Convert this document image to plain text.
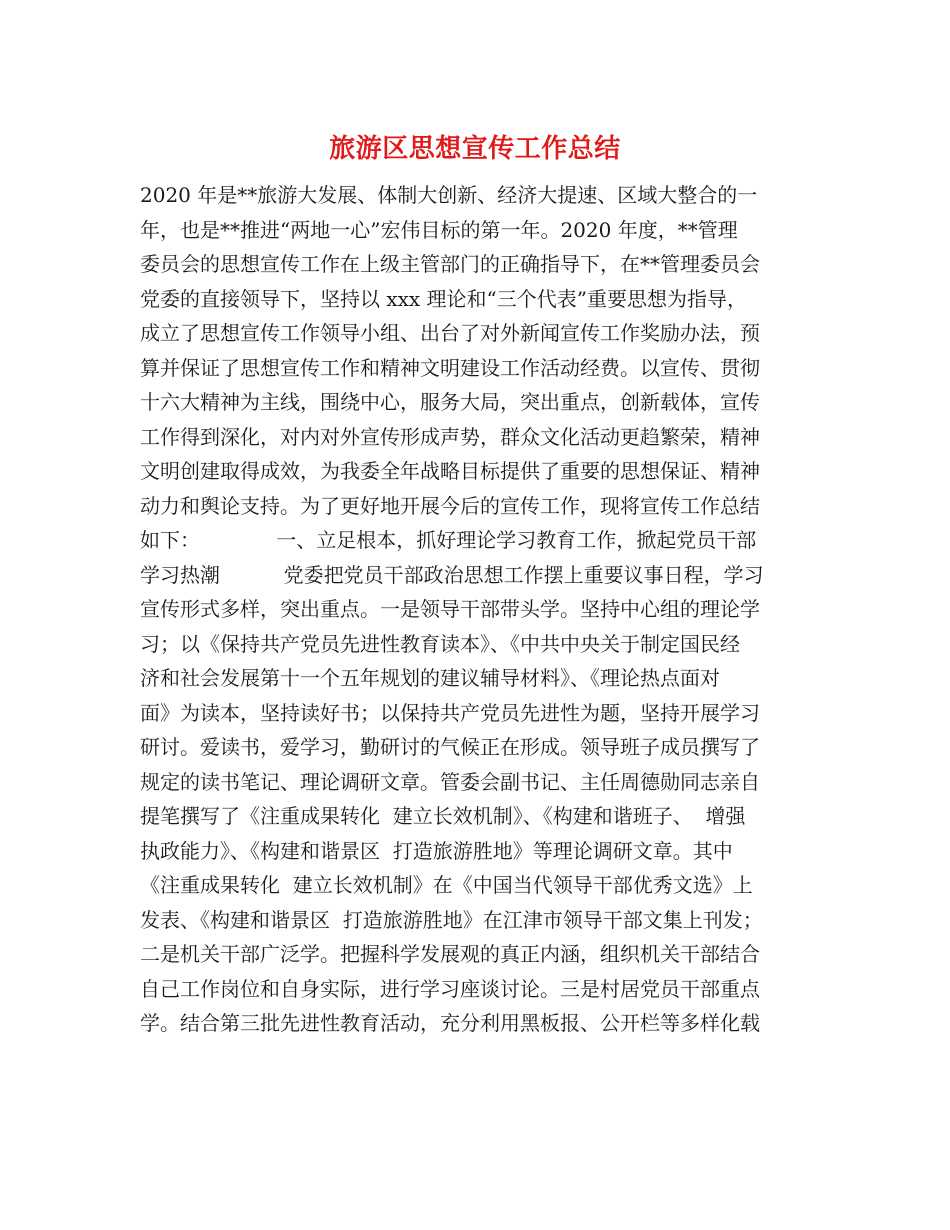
旅游区思想宣传工作总结
2020 年是**旅游大发展、体制大创新、经济大提速、区域大整合的一
年，也是**推进“两地一心”宏伟目标的第一年。2020 年度，**管理
委员会的思想宣传工作在上级主管部门的正确指导下，在**管理委员会
党委的直接领导下，坚持以 xxx 理论和“三个代表”重要思想为指导，
成立了思想宣传工作领导小组、出台了对外新闻宣传工作奖励办法，预
算并保证了思想宣传工作和精神文明建设工作活动经费。以宣传、贯彻
十六大精神为主线，围绕中心，服务大局，突出重点，创新载体，宣传
工作得到深化，对内对外宣传形成声势，群众文化活动更趋繁荣，精神
文明创建取得成效，为我委全年战略目标提供了重要的思想保证、精神
动力和舆论支持。为了更好地开展今后的宣传工作，现将宣传工作总结
如下：            一、立足根本，抓好理论学习教育工作，掀起党员干部
学习热潮          党委把党员干部政治思想工作摆上重要议事日程，学习
宣传形式多样，突出重点。一是领导干部带头学。坚持中心组的理论学
习；以《保持共产党员先进性教育读本》、《中共中央关于制定国民经
济和社会发展第十一个五年规划的建议辅导材料》、《理论热点面对
面》为读本，坚持读好书；以保持共产党员先进性为题，坚持开展学习
研讨。爱读书，爱学习，勤研讨的气候正在形成。领导班子成员撰写了
规定的读书笔记、理论调研文章。管委会副书记、主任周德勋同志亲自
提笔撰写了《注重成果转化  建立长效机制》、《构建和谐班子、  增强
执政能力》、《构建和谐景区  打造旅游胜地》等理论调研文章。其中
《注重成果转化  建立长效机制》在《中国当代领导干部优秀文选》上
发表、《构建和谐景区  打造旅游胜地》在江津市领导干部文集上刊发；
二是机关干部广泛学。把握科学发展观的真正内涵，组织机关干部结合
自己工作岗位和自身实际，进行学习座谈讨论。三是村居党员干部重点
学。结合第三批先进性教育活动，充分利用黑板报、公开栏等多样化载
